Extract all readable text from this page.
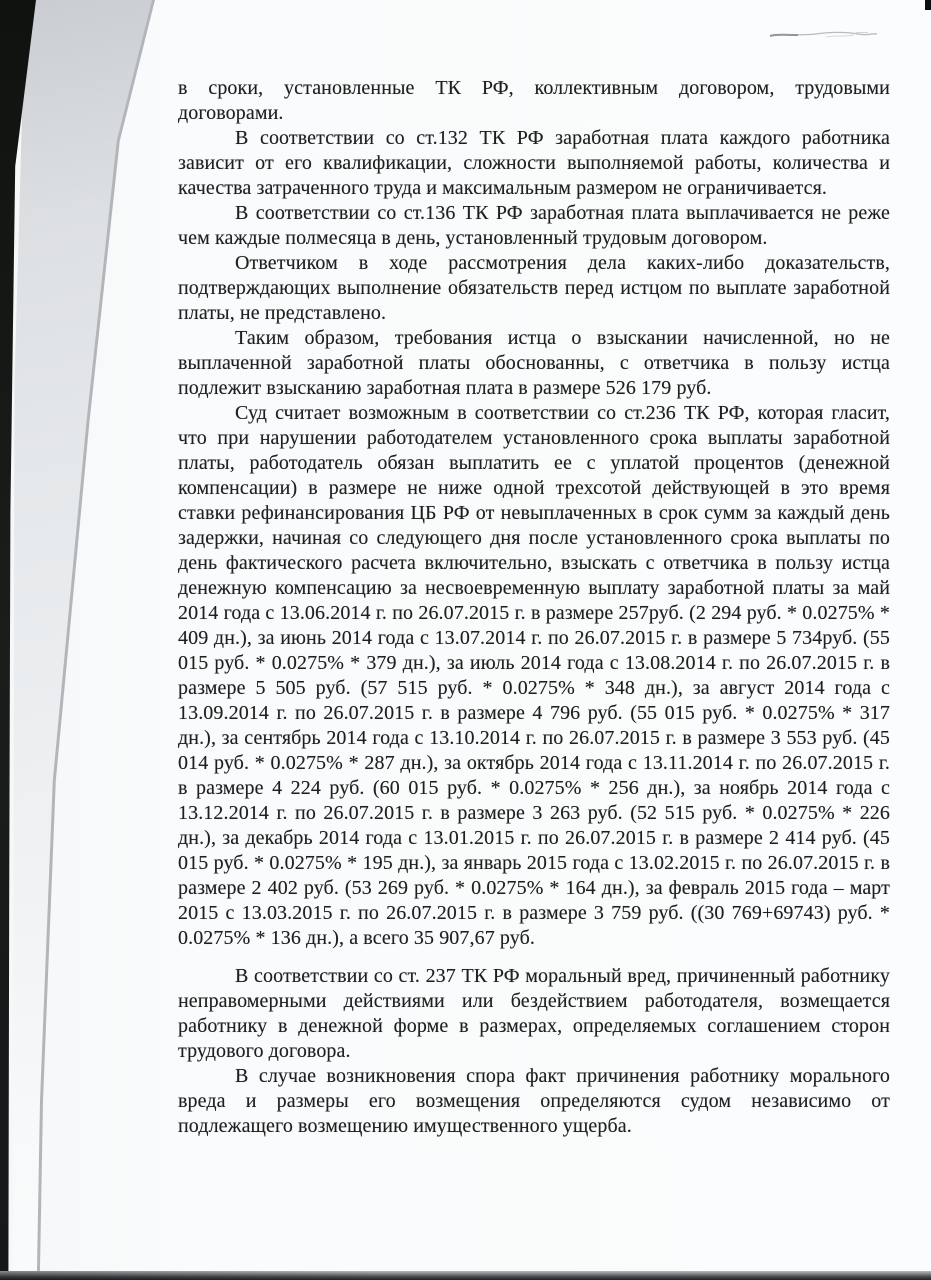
в сроки, установленные ТК РФ, коллективным договором, трудовыми договорами.

В соответствии со ст.132 ТК РФ заработная плата каждого работника зависит от его квалификации, сложности выполняемой работы, количества и качества затраченного труда и максимальным размером не ограничивается.

В соответствии со ст.136 ТК РФ заработная плата выплачивается не реже чем каждые полмесяца в день, установленный трудовым договором.

Ответчиком в ходе рассмотрения дела каких-либо доказательств, подтверждающих выполнение обязательств перед истцом по выплате заработной платы, не представлено.

Таким образом, требования истца о взыскании начисленной, но не выплаченной заработной платы обоснованны, с ответчика в пользу истца подлежит взысканию заработная плата в размере 526 179 руб.

Суд считает возможным в соответствии со ст.236 ТК РФ, которая гласит, что при нарушении работодателем установленного срока выплаты заработной платы, работодатель обязан выплатить ее с уплатой процентов (денежной компенсации) в размере не ниже одной трехсотой действующей в это время ставки рефинансирования ЦБ РФ от невыплаченных в срок сумм за каждый день задержки, начиная со следующего дня после установленного срока выплаты по день фактического расчета включительно, взыскать с ответчика в пользу истца денежную компенсацию за несвоевременную выплату заработной платы за май 2014 года с 13.06.2014 г. по 26.07.2015 г. в размере 257руб. (2 294 руб. * 0.0275% * 409 дн.), за июнь 2014 года с 13.07.2014 г. по 26.07.2015 г. в размере 5 734руб. (55 015 руб. * 0.0275% * 379 дн.), за июль 2014 года с 13.08.2014 г. по 26.07.2015 г. в размере 5 505 руб. (57 515 руб. * 0.0275% * 348 дн.), за август 2014 года с 13.09.2014 г. по 26.07.2015 г. в размере 4 796 руб. (55 015 руб. * 0.0275% * 317 дн.), за сентябрь 2014 года с 13.10.2014 г. по 26.07.2015 г. в размере 3 553 руб. (45 014 руб. * 0.0275% * 287 дн.), за октябрь 2014 года с 13.11.2014 г. по 26.07.2015 г. в размере 4 224 руб. (60 015 руб. * 0.0275% * 256 дн.), за ноябрь 2014 года с 13.12.2014 г. по 26.07.2015 г. в размере 3 263 руб. (52 515 руб. * 0.0275% * 226 дн.), за декабрь 2014 года с 13.01.2015 г. по 26.07.2015 г. в размере 2 414 руб. (45 015 руб. * 0.0275% * 195 дн.), за январь 2015 года с 13.02.2015 г. по 26.07.2015 г. в размере 2 402 руб. (53 269 руб. * 0.0275% * 164 дн.), за февраль 2015 года – март 2015 с 13.03.2015 г. по 26.07.2015 г. в размере 3 759 руб. ((30 769+69743) руб. * 0.0275% * 136 дн.), а всего 35 907,67 руб.

В соответствии со ст. 237 ТК РФ моральный вред, причиненный работнику неправомерными действиями или бездействием работодателя, возмещается работнику в денежной форме в размерах, определяемых соглашением сторон трудового договора.

В случае возникновения спора факт причинения работнику морального вреда и размеры его возмещения определяются судом независимо от подлежащего возмещению имущественного ущерба.
